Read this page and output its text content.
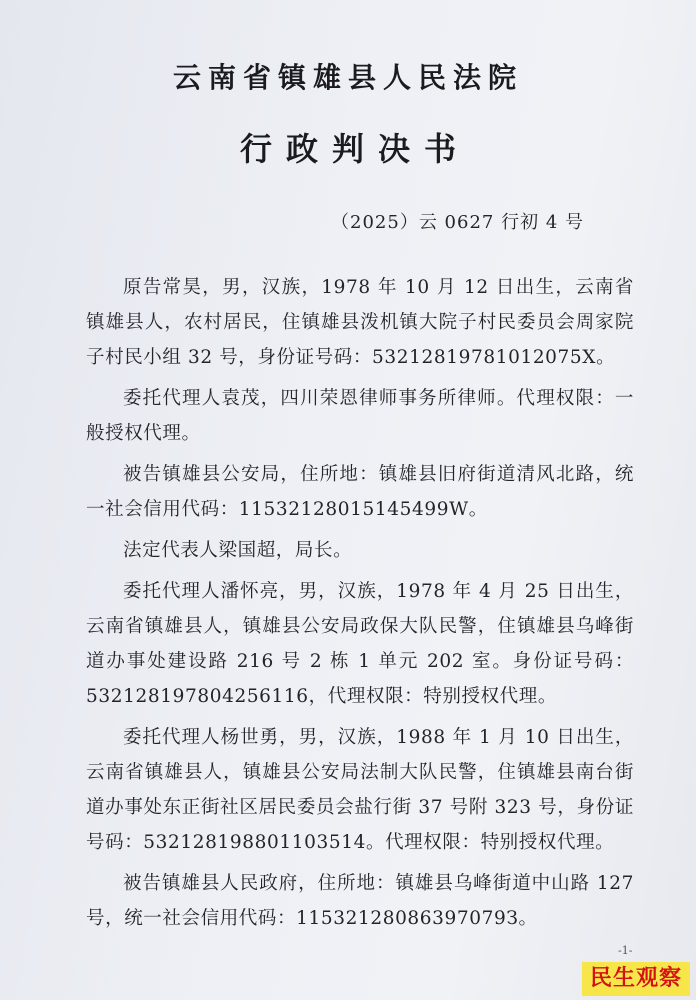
云南省镇雄县人民法院
行政判决书
（2025）云 0627 行初 4 号

原告常昊，男，汉族，1978 年 10 月 12 日出生，云南省镇雄县人，农村居民，住镇雄县泼机镇大院子村民委员会周家院子村民小组 32 号，身份证号码：53212819781012075X。

委托代理人袁茂，四川荣恩律师事务所律师。代理权限：一般授权代理。

被告镇雄县公安局，住所地：镇雄县旧府街道清风北路，统一社会信用代码：11532128015145499W。

法定代表人梁国超，局长。

委托代理人潘怀亮，男，汉族，1978 年 4 月 25 日出生，云南省镇雄县人，镇雄县公安局政保大队民警，住镇雄县乌峰街道办事处建设路 216 号 2 栋 1 单元 202 室。身份证号码：532128197804256116，代理权限：特别授权代理。

委托代理人杨世勇，男，汉族，1988 年 1 月 10 日出生，云南省镇雄县人，镇雄县公安局法制大队民警，住镇雄县南台街道办事处东正街社区居民委员会盐行街 37 号附 323 号，身份证号码：532128198801103514。代理权限：特别授权代理。

被告镇雄县人民政府，住所地：镇雄县乌峰街道中山路 127 号，统一社会信用代码：11532128086397079З。

-1-
民生观察
